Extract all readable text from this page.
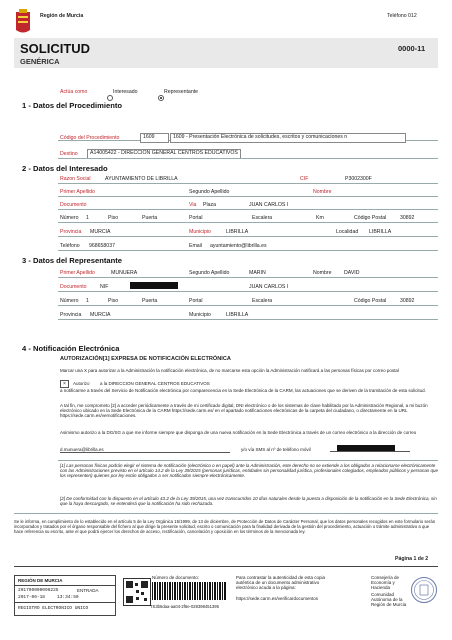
Región de Murcia	Teléfono 012
SOLICITUD
GENÉRICA
0000-11
Actúa como	Interesado	Representante
1 - Datos del Procedimiento
Código del Procedimiento	1609	1609 - Presentación Electrónica de solicitudes, escritos y comunicaciones n
Destino	A14005422 - DIRECCION GENERAL CENTROS EDUCATIVOS
2 - Datos del Interesado
Razon Social	AYUNTAMIENTO DE LIBRILLA	CIF	P3002300F
Primer Apellido	Segundo Apellido	Nombre
Documento	Via Plaza	JUAN CARLOS I
Número 1	Piso	Puerta	Portal	Escalera	Km	Código Postal	30892
Provincia MURCIA	Municipio	LIBRILLA	Localidad LIBRILLA
Teléfono 968658037	Email ayuntamiento@librilla.es
3 - Datos del Representante
Primer Apellido	MUNUERA	Segundo Apellido	MARIN	Nombre DAVID
Documento	NIF	JUAN CARLOS I
Número 1	Piso	Puerta	Portal	Escalera	Código Postal	30892
Provincia MURCIA	Municipio	LIBRILLA
4 - Notificación Electrónica
AUTORIZACIÓN[1] EXPRESA DE NOTIFICACIÓN ELECTRÓNICA
Marcar una X para autorizar a la Administración la notificación electrónica, de no marcarse esta opción la Administración notificará a las personas físicas por correo postal
×	Autorizo a la DIRECCION GENERAL CENTROS EDUCATIVOS
a notificarme a través del Servicio de Notificación electrónica por comparecencia en la Sede Electrónica de la CARM, las actuaciones que se deriven de la tramitación de esta solicitud.
A tal fin, me comprometo [2] a acceder periódicamente a través de mi certificado digital, DNI electrónico o de los sistemas de clave habilitado por la Administración Regional, a mi buzón electrónico ubicado en la Sede Electrónica de la CARM https://sede.carm.es/ en el apartado notificaciones electrónicas de la carpeta del ciudadano, o directamente en la URL https://sede.carm.es/vernotificaciones.
Asimismo autorizo a la DG/SG a que me informe siempre que disponga de una nueva notificación en la Sede Electrónica a través de un correo electrónico a la dirección de correo
d.munuera@librilla.es	y/o vía SMS al nº de teléfono móvil
[1] Las personas físicas podrán elegir el sistema de notificación (electrónico o en papel) ante la Administración, este derecho no se extiende a los obligados a relacionarse electrónicamente con las Administraciones previsto en el artículo 14.2 de la Ley 39/2015 (personas jurídicas, entidades sin personalidad jurídica, profesionales colegiados, empleados públicos y personas que los representen) quienes por ley están obligados a ser notificados siempre electrónicamente.
[2] De conformidad con lo dispuesto en el artículo 43.2 de la Ley 39/2015, una vez transcurridos 10 días naturales desde la puesta a disposición de la notificación en la Sede Electrónica, sin que la haya descargado, se entenderá que la notificación ha sido rechazada.
Se le informa, en cumplimiento de lo establecido en el artículo 5 de la Ley Orgánica 15/1999, de 13 de diciembre, de Protección de Datos de Carácter Personal, que los datos personales recogidos en este formulario serán incorporados y tratados por el órgano responsable del fichero al que dirige la presente solicitud, escrito o comunicación para la finalidad derivada de la gestión del procedimiento, actuación o trámite administrativo a que hace referencia su escrito, ante el que podrá ejercer los derechos de acceso, rectificación, cancelación y oposición en los términos de la mencionada ley.
Página 1 de 2
REGIÓN DE MURCIA
201790000096225	ENTRADA
2017-06-18	13:34:50
REGISTRO ELECTRONICO UNICO
Número de documento:
TS3b6daa-aa04-2f6e-028398451395
Para contrastar la autenticidad de esta copia auténtica de un documento administrativo electrónico acuda a la página:
https://sede.carm.es/verificardocumentos
Consejería de Economía y Hacienda
Comunidad Autónoma de la Región de Murcia
